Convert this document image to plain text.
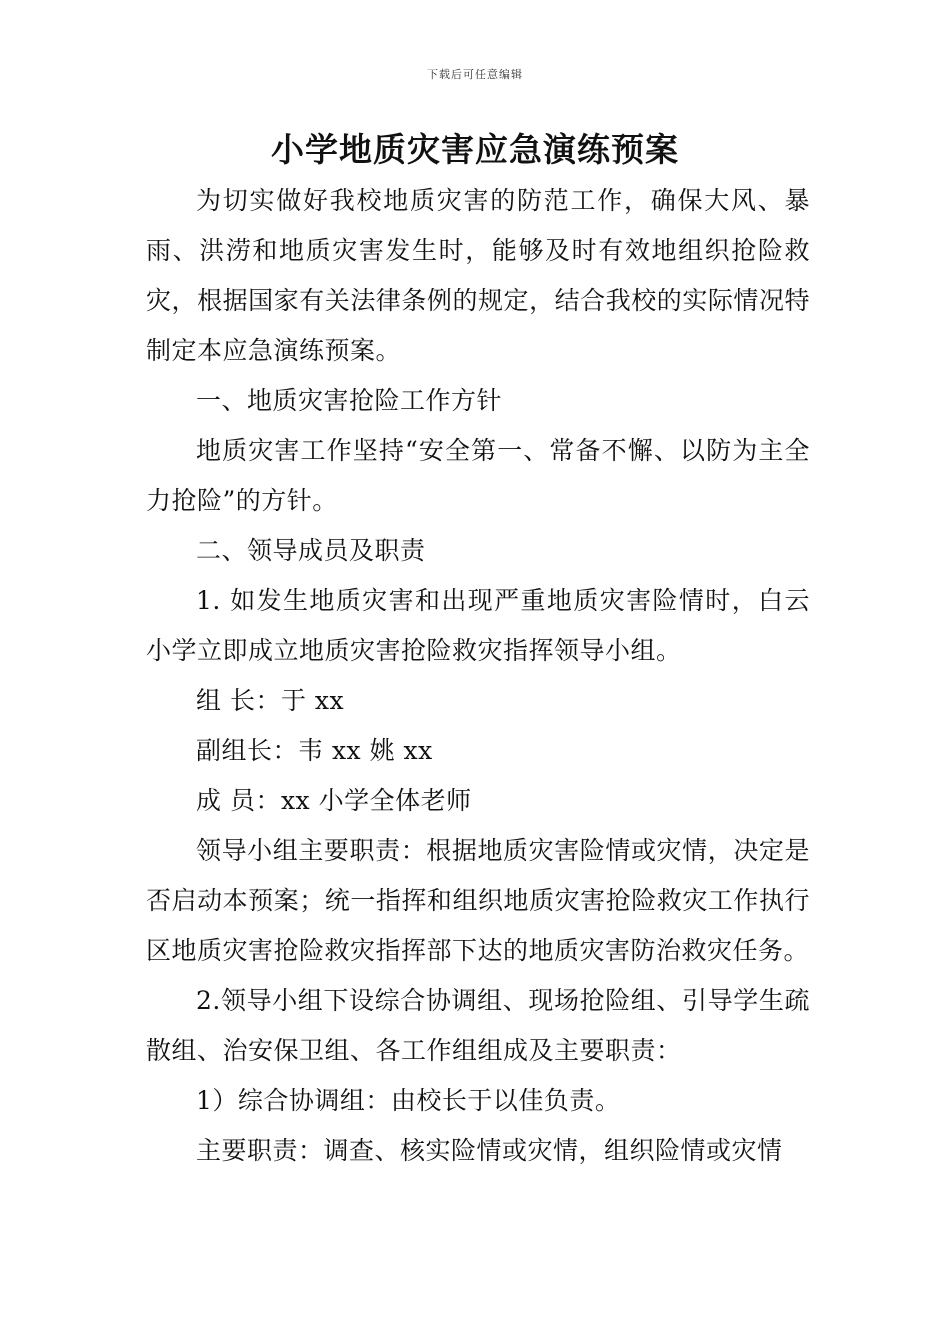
下载后可任意编辑
小学地质灾害应急演练预案

为切实做好我校地质灾害的防范工作，确保大风、暴雨、洪涝和地质灾害发生时，能够及时有效地组织抢险救灾，根据国家有关法律条例的规定，结合我校的实际情况特制定本应急演练预案。

一、地质灾害抢险工作方针

地质灾害工作坚持“安全第一、常备不懈、以防为主全力抢险”的方针。

二、领导成员及职责

1. 如发生地质灾害和出现严重地质灾害险情时，白云小学立即成立地质灾害抢险救灾指挥领导小组。

组 长：于 xx

副组长：韦 xx 姚 xx

成 员：xx 小学全体老师

领导小组主要职责：根据地质灾害险情或灾情，决定是否启动本预案；统一指挥和组织地质灾害抢险救灾工作执行区地质灾害抢险救灾指挥部下达的地质灾害防治救灾任务。

2.领导小组下设综合协调组、现场抢险组、引导学生疏散组、治安保卫组、各工作组组成及主要职责：

1）综合协调组：由校长于以佳负责。

主要职责：调查、核实险情或灾情，组织险情或灾情
